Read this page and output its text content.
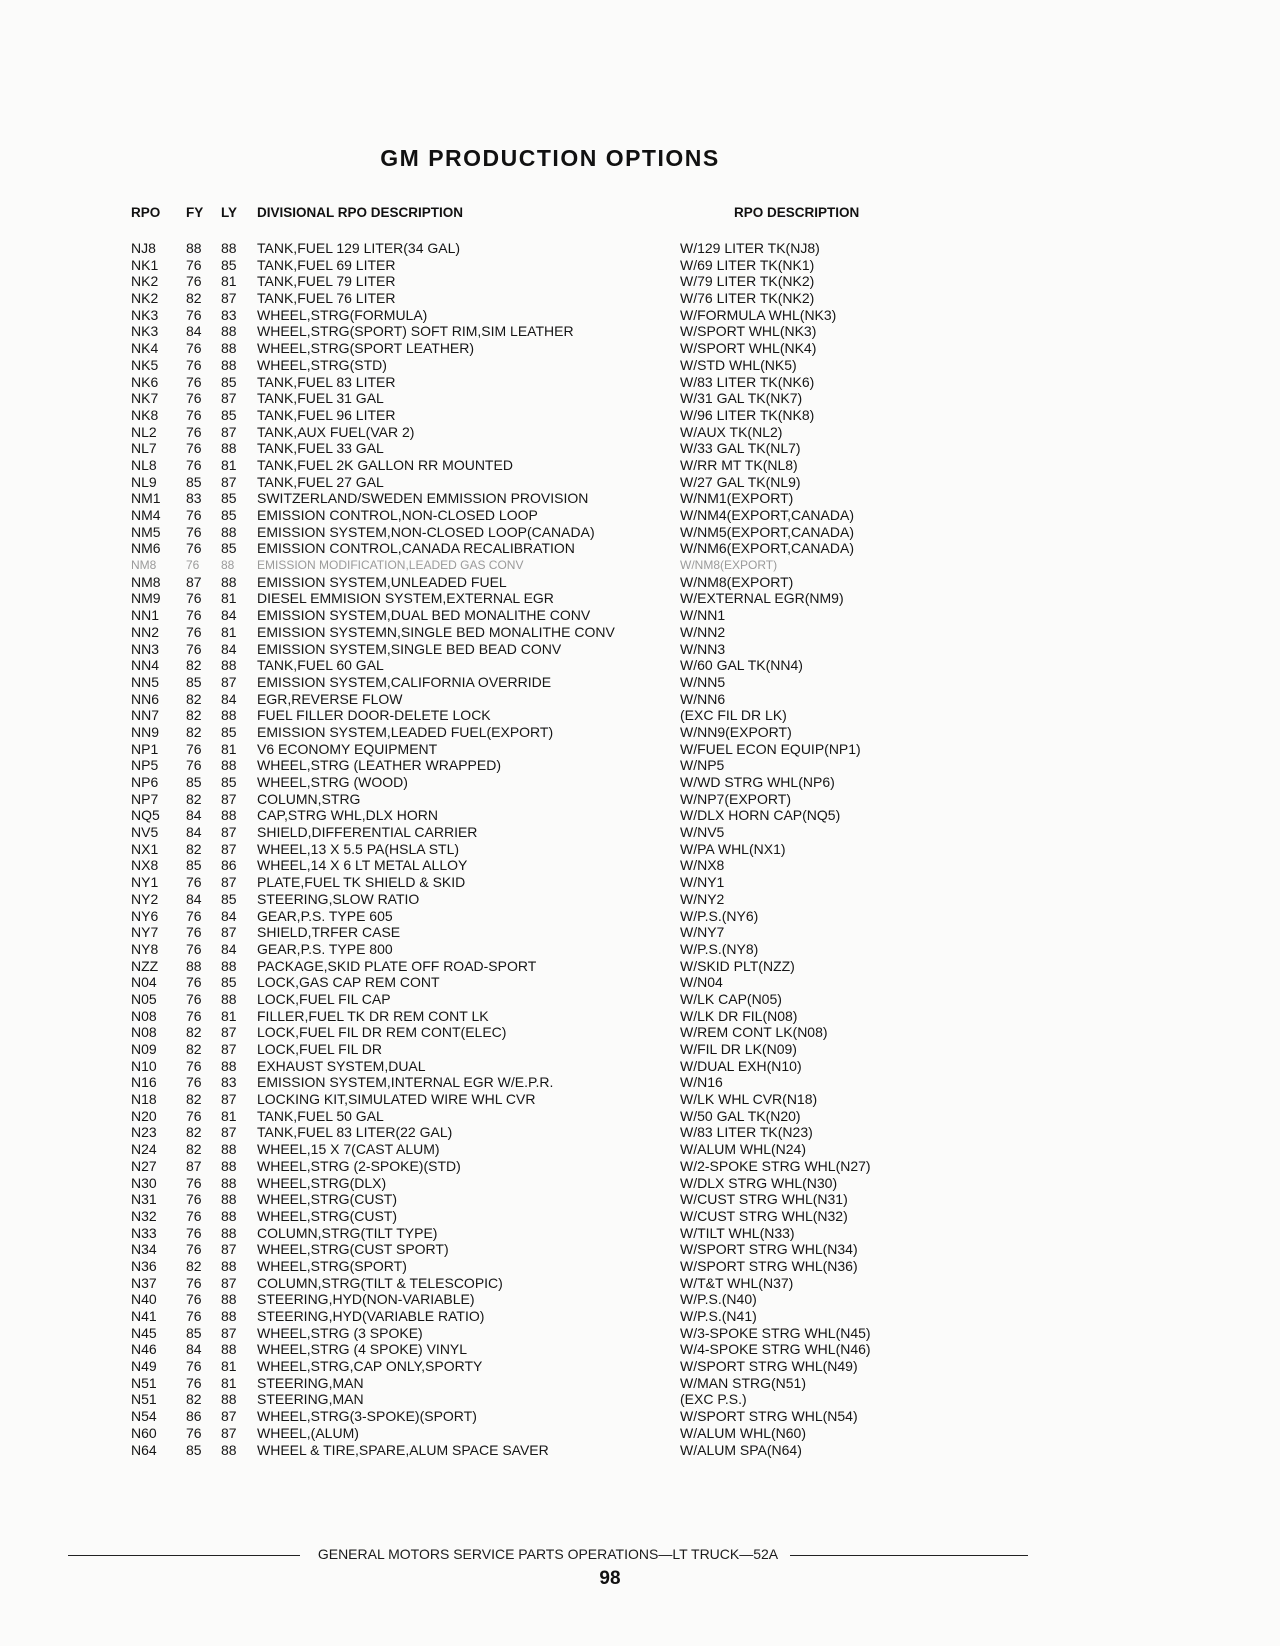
GM PRODUCTION OPTIONS
RPO FY LY DIVISIONAL RPO DESCRIPTION	RPO DESCRIPTION
NJ8 88 88 TANK,FUEL 129 LITER(34 GAL)	W/129 LITER TK(NJ8)
NK1 76 85 TANK,FUEL 69 LITER	W/69 LITER TK(NK1)
NK2 76 81 TANK,FUEL 79 LITER	W/79 LITER TK(NK2)
NK2 82 87 TANK,FUEL 76 LITER	W/76 LITER TK(NK2)
NK3 76 83 WHEEL,STRG(FORMULA)	W/FORMULA WHL(NK3)
NK3 84 88 WHEEL,STRG(SPORT) SOFT RIM,SIM LEATHER	W/SPORT WHL(NK3)
NK4 76 88 WHEEL,STRG(SPORT LEATHER)	W/SPORT WHL(NK4)
NK5 76 88 WHEEL,STRG(STD)	W/STD WHL(NK5)
NK6 76 85 TANK,FUEL 83 LITER	W/83 LITER TK(NK6)
NK7 76 87 TANK,FUEL 31 GAL	W/31 GAL TK(NK7)
NK8 76 85 TANK,FUEL 96 LITER	W/96 LITER TK(NK8)
NL2 76 87 TANK,AUX FUEL(VAR 2)	W/AUX TK(NL2)
NL7 76 88 TANK,FUEL 33 GAL	W/33 GAL TK(NL7)
NL8 76 81 TANK,FUEL 2K GALLON RR MOUNTED	W/RR MT TK(NL8)
NL9 85 87 TANK,FUEL 27 GAL	W/27 GAL TK(NL9)
NM1 83 85 SWITZERLAND/SWEDEN EMMISSION PROVISION	W/NM1(EXPORT)
NM4 76 85 EMISSION CONTROL,NON-CLOSED LOOP	W/NM4(EXPORT,CANADA)
NM5 76 88 EMISSION SYSTEM,NON-CLOSED LOOP(CANADA)	W/NM5(EXPORT,CANADA)
NM6 76 85 EMISSION CONTROL,CANADA RECALIBRATION	W/NM6(EXPORT,CANADA)
NM8 76 88 EMISSION MODIFICATION,LEADED GAS CONV	W/NM8(EXPORT)
NM8 87 88 EMISSION SYSTEM,UNLEADED FUEL	W/NM8(EXPORT)
NM9 76 81 DIESEL EMMISION SYSTEM,EXTERNAL EGR	W/EXTERNAL EGR(NM9)
NN1 76 84 EMISSION SYSTEM,DUAL BED MONALITHE CONV	W/NN1
NN2 76 81 EMISSION SYSTEMN,SINGLE BED MONALITHE CONV	W/NN2
NN3 76 84 EMISSION SYSTEM,SINGLE BED BEAD CONV	W/NN3
NN4 82 88 TANK,FUEL 60 GAL	W/60 GAL TK(NN4)
NN5 85 87 EMISSION SYSTEM,CALIFORNIA OVERRIDE	W/NN5
NN6 82 84 EGR,REVERSE FLOW	W/NN6
NN7 82 88 FUEL FILLER DOOR-DELETE LOCK	(EXC FIL DR LK)
NN9 82 85 EMISSION SYSTEM,LEADED FUEL(EXPORT)	W/NN9(EXPORT)
NP1 76 81 V6 ECONOMY EQUIPMENT	W/FUEL ECON EQUIP(NP1)
NP5 76 88 WHEEL,STRG (LEATHER WRAPPED)	W/NP5
NP6 85 85 WHEEL,STRG (WOOD)	W/WD STRG WHL(NP6)
NP7 82 87 COLUMN,STRG	W/NP7(EXPORT)
NQ5 84 88 CAP,STRG WHL,DLX HORN	W/DLX HORN CAP(NQ5)
NV5 84 87 SHIELD,DIFFERENTIAL CARRIER	W/NV5
NX1 82 87 WHEEL,13 X 5.5 PA(HSLA STL)	W/PA WHL(NX1)
NX8 85 86 WHEEL,14 X 6 LT METAL ALLOY	W/NX8
NY1 76 87 PLATE,FUEL TK SHIELD & SKID	W/NY1
NY2 84 85 STEERING,SLOW RATIO	W/NY2
NY6 76 84 GEAR,P.S. TYPE 605	W/P.S.(NY6)
NY7 76 87 SHIELD,TRFER CASE	W/NY7
NY8 76 84 GEAR,P.S. TYPE 800	W/P.S.(NY8)
NZZ 88 88 PACKAGE,SKID PLATE OFF ROAD-SPORT	W/SKID PLT(NZZ)
N04 76 85 LOCK,GAS CAP REM CONT	W/N04
N05 76 88 LOCK,FUEL FIL CAP	W/LK CAP(N05)
N08 76 81 FILLER,FUEL TK DR REM CONT LK	W/LK DR FIL(N08)
N08 82 87 LOCK,FUEL FIL DR REM CONT(ELEC)	W/REM CONT LK(N08)
N09 82 87 LOCK,FUEL FIL DR	W/FIL DR LK(N09)
N10 76 88 EXHAUST SYSTEM,DUAL	W/DUAL EXH(N10)
N16 76 83 EMISSION SYSTEM,INTERNAL EGR W/E.P.R.	W/N16
N18 82 87 LOCKING KIT,SIMULATED WIRE WHL CVR	W/LK WHL CVR(N18)
N20 76 81 TANK,FUEL 50 GAL	W/50 GAL TK(N20)
N23 82 87 TANK,FUEL 83 LITER(22 GAL)	W/83 LITER TK(N23)
N24 82 88 WHEEL,15 X 7(CAST ALUM)	W/ALUM WHL(N24)
N27 87 88 WHEEL,STRG (2-SPOKE)(STD)	W/2-SPOKE STRG WHL(N27)
N30 76 88 WHEEL,STRG(DLX)	W/DLX STRG WHL(N30)
N31 76 88 WHEEL,STRG(CUST)	W/CUST STRG WHL(N31)
N32 76 88 WHEEL,STRG(CUST)	W/CUST STRG WHL(N32)
N33 76 88 COLUMN,STRG(TILT TYPE)	W/TILT WHL(N33)
N34 76 87 WHEEL,STRG(CUST SPORT)	W/SPORT STRG WHL(N34)
N36 82 88 WHEEL,STRG(SPORT)	W/SPORT STRG WHL(N36)
N37 76 87 COLUMN,STRG(TILT & TELESCOPIC)	W/T&T WHL(N37)
N40 76 88 STEERING,HYD(NON-VARIABLE)	W/P.S.(N40)
N41 76 88 STEERING,HYD(VARIABLE RATIO)	W/P.S.(N41)
N45 85 87 WHEEL,STRG (3 SPOKE)	W/3-SPOKE STRG WHL(N45)
N46 84 88 WHEEL,STRG (4 SPOKE) VINYL	W/4-SPOKE STRG WHL(N46)
N49 76 81 WHEEL,STRG,CAP ONLY,SPORTY	W/SPORT STRG WHL(N49)
N51 76 81 STEERING,MAN	W/MAN STRG(N51)
N51 82 88 STEERING,MAN	(EXC P.S.)
N54 86 87 WHEEL,STRG(3-SPOKE)(SPORT)	W/SPORT STRG WHL(N54)
N60 76 87 WHEEL,(ALUM)	W/ALUM WHL(N60)
N64 85 88 WHEEL & TIRE,SPARE,ALUM SPACE SAVER	W/ALUM SPA(N64)
GENERAL MOTORS SERVICE PARTS OPERATIONS—LT TRUCK—52A
98
